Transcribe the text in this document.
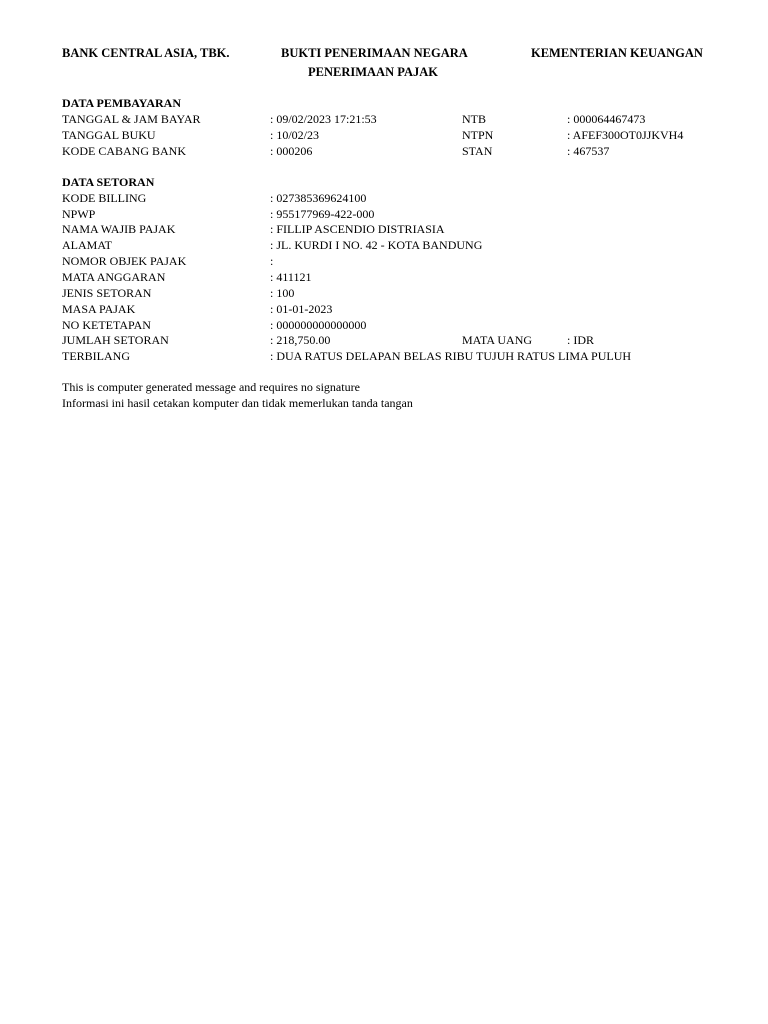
BANK CENTRAL ASIA, TBK.	BUKTI PENERIMAAN NEGARA
PENERIMAAN PAJAK
KEMENTERIAN KEUANGAN
DATA PEMBAYARAN
TANGGAL & JAM BAYAR	: 09/02/2023 17:21:53	NTB	: 000064467473
TANGGAL BUKU	: 10/02/23	NTPN	: AFEF300OT0JJKVH4
KODE CABANG BANK	: 000206	STAN	: 467537
DATA SETORAN
KODE BILLING	: 027385369624100
NPWP	: 955177969-422-000
NAMA WAJIB PAJAK	: FILLIP ASCENDIO DISTRIASIA
ALAMAT	: JL. KURDI I NO. 42 - KOTA BANDUNG
NOMOR OBJEK PAJAK	:
MATA ANGGARAN	: 411121
JENIS SETORAN	: 100
MASA PAJAK	: 01-01-2023
NO KETETAPAN	: 000000000000000
JUMLAH SETORAN	: 218,750.00	MATA UANG	: IDR
TERBILANG	: DUA RATUS DELAPAN BELAS RIBU TUJUH RATUS LIMA PULUH
This is computer generated message and requires no signature
Informasi ini hasil cetakan komputer dan tidak memerlukan tanda tangan
